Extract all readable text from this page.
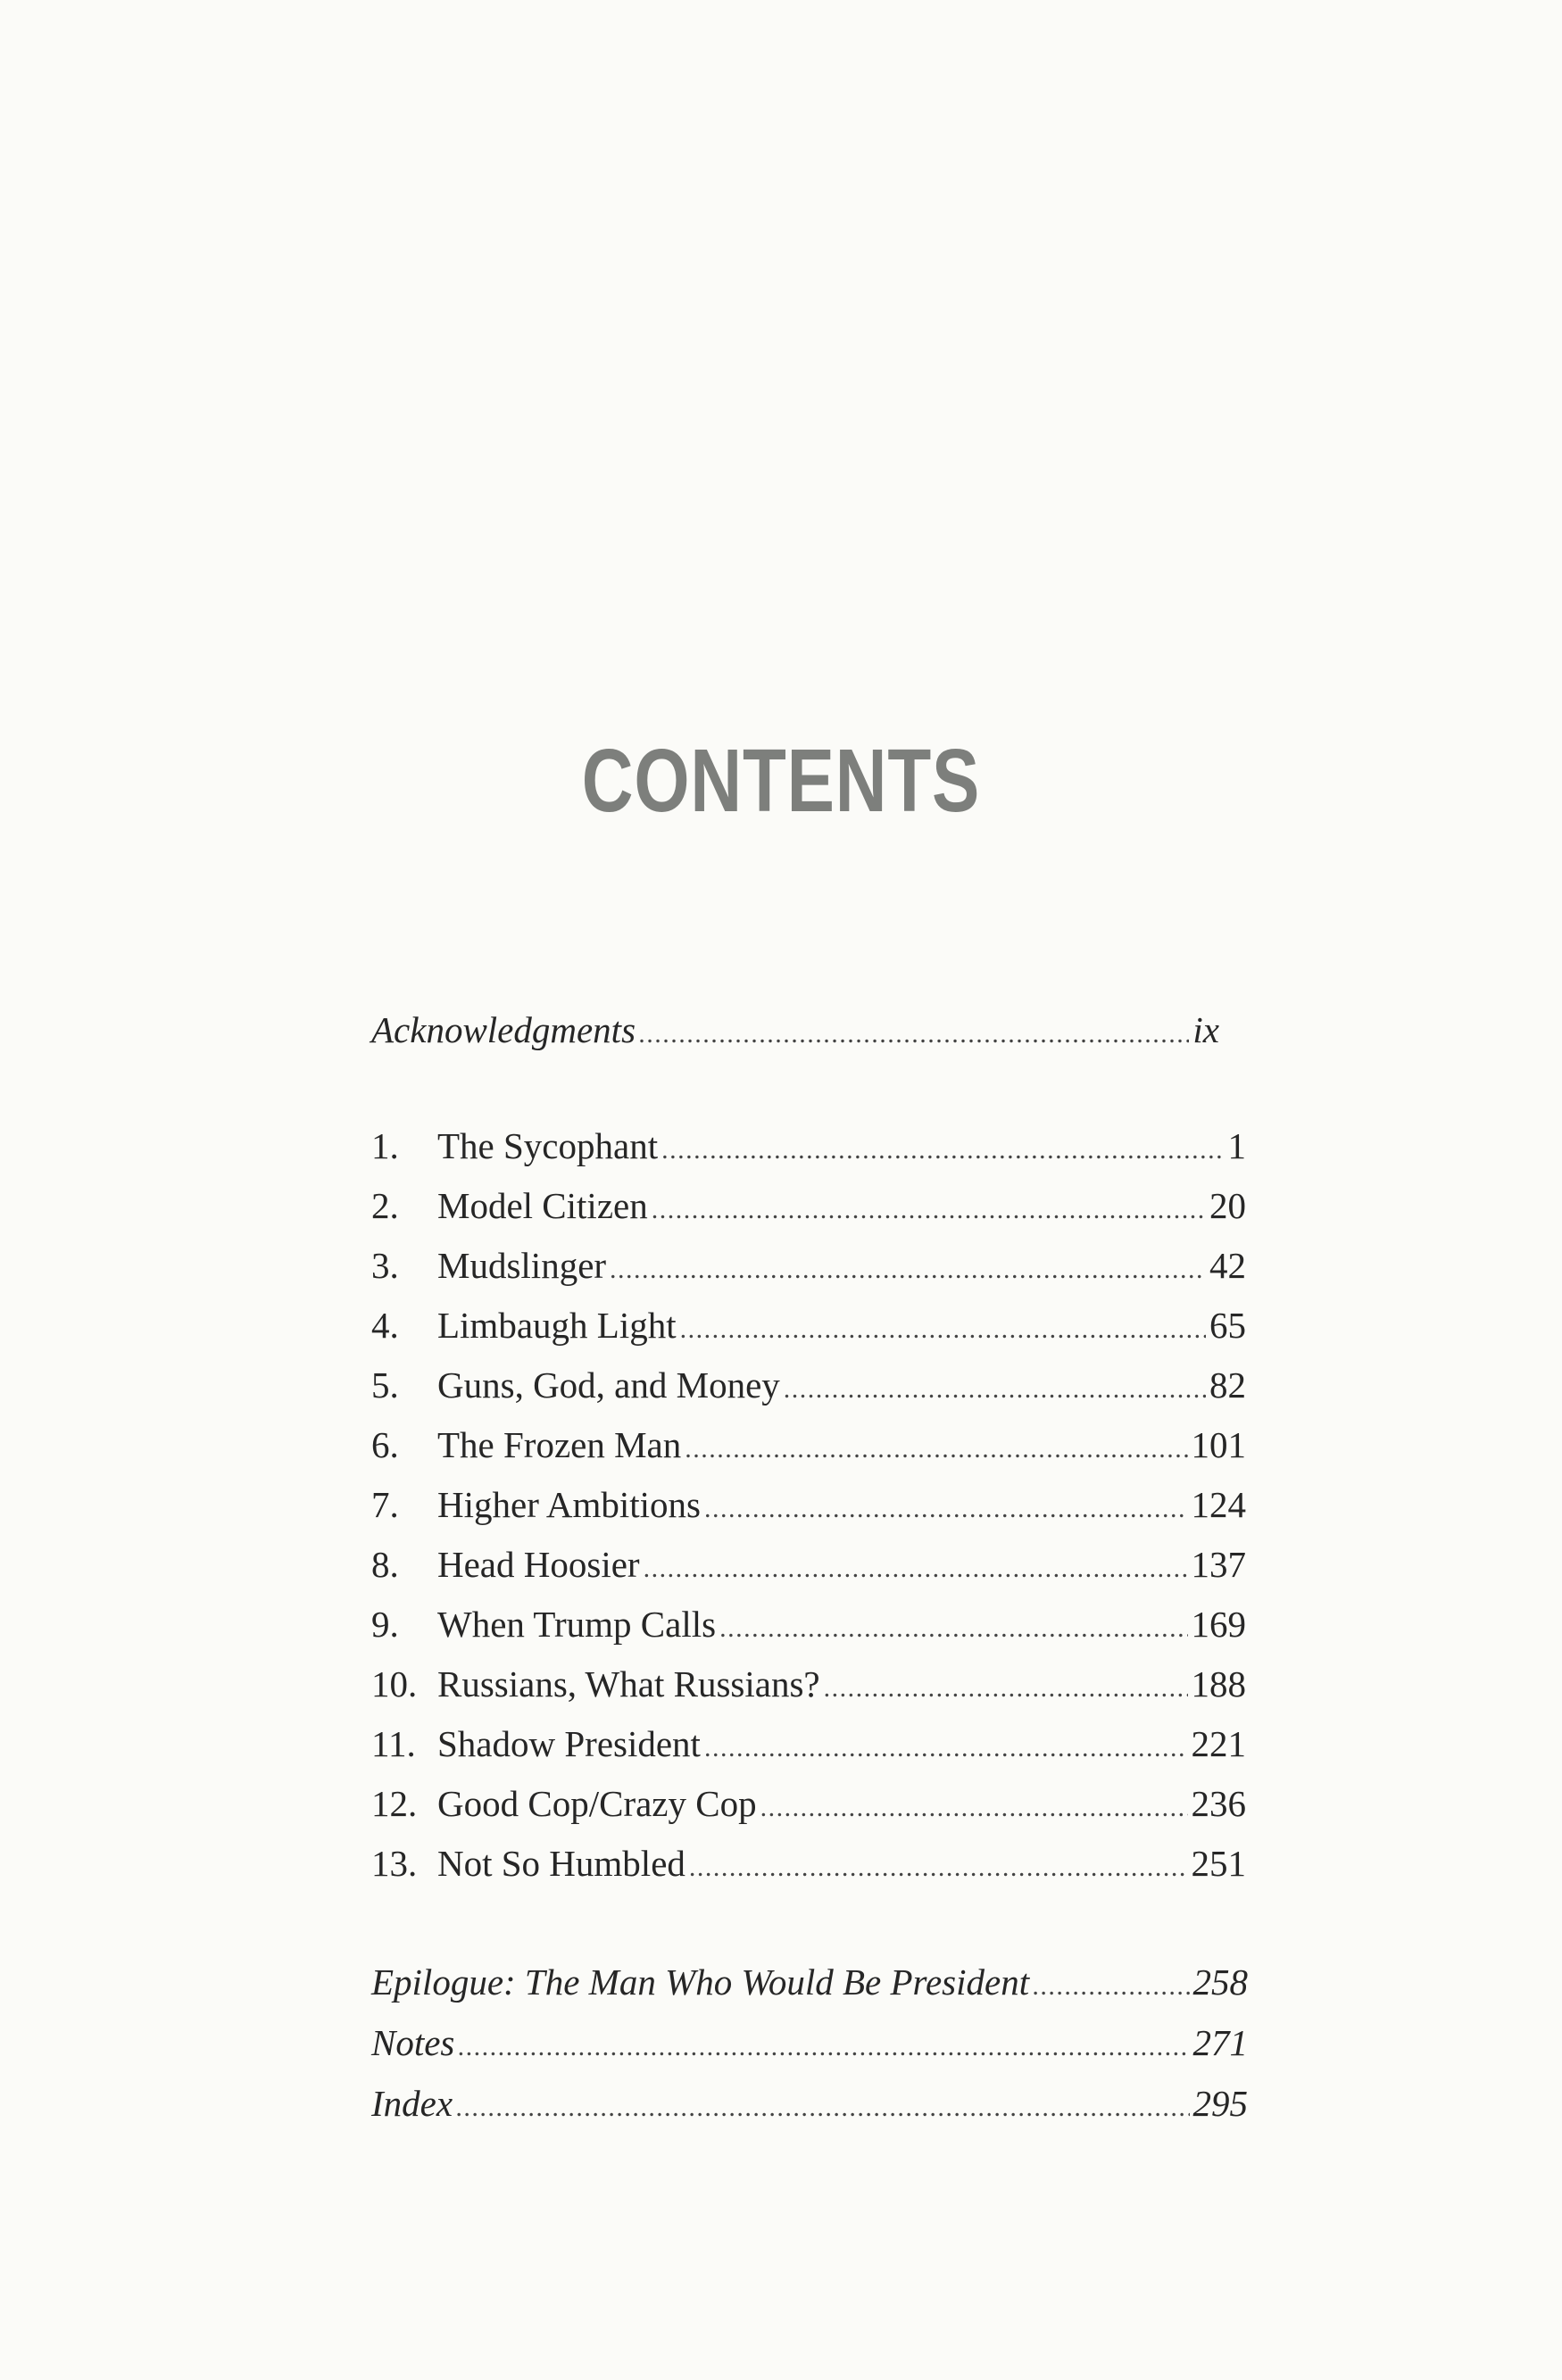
CONTENTS
Acknowledgments .....	ix
1.	The Sycophant .....	1
2.	Model Citizen .....	20
3.	Mudslinger .....	42
4.	Limbaugh Light .....	65
5.	Guns, God, and Money .....	82
6.	The Frozen Man .....	101
7.	Higher Ambitions .....	124
8.	Head Hoosier .....	137
9.	When Trump Calls .....	169
10. Russians, What Russians? .....	188
11. Shadow President .....	221
12. Good Cop/Crazy Cop .....	236
13. Not So Humbled .....	251
Epilogue: The Man Who Would Be President .....	258
Notes .....	271
Index .....	295
